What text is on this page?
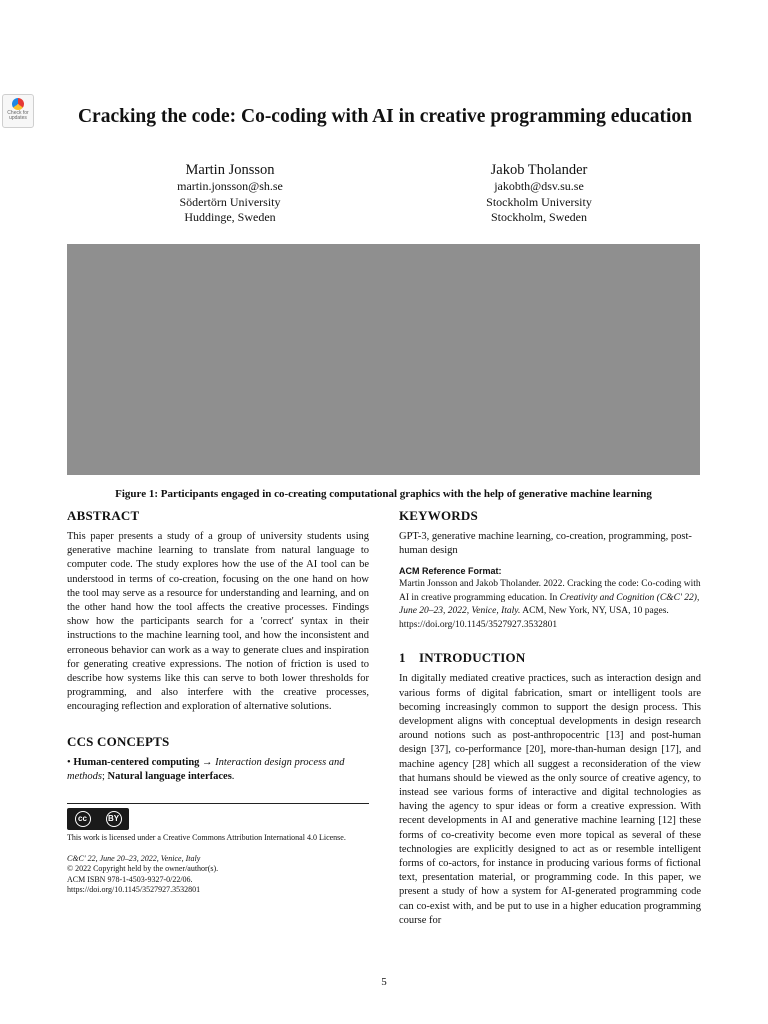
Check for updates	Cracking the code: Co-coding with AI in creative programming education
Martin Jonsson
martin.jonsson@sh.se
Södertörn University
Huddinge, Sweden
Jakob Tholander
jakobth@dsv.su.se
Stockholm University
Stockholm, Sweden
Figure 1: Participants engaged in co-creating computational graphics with the help of generative machine learning
ABSTRACT

This paper presents a study of a group of university students using generative machine learning to translate from natural language to computer code. The study explores how the use of the AI tool can be understood in terms of co-creation, focusing on the one hand on how the tool may serve as a resource for understanding and learning, and on the other hand how the tool affects the creative processes. Findings show how the participants search for a 'correct' syntax in their instructions to the machine learning tool, and how the inconsistent and erroneous behavior can work as a way to generate clues and inspiration for generating creative expressions. The notion of friction is used to describe how systems like this can serve to both lower thresholds for programming, and also interfere with the creative processes, encouraging reflection and exploration of alternative solutions.

CCS CONCEPTS

• Human-centered computing → Interaction design process and methods; Natural language interfaces.

cc	BY

This work is licensed under a Creative Commons Attribution International 4.0 License.

C&C' 22, June 20–23, 2022, Venice, Italy

© 2022 Copyright held by the owner/author(s).

ACM ISBN 978-1-4503-9327-0/22/06.

https://doi.org/10.1145/3527927.3532801

KEYWORDS

GPT-3, generative machine learning, co-creation, programming, post-human design

ACM Reference Format:

Martin Jonsson and Jakob Tholander. 2022. Cracking the code: Co-coding with AI in creative programming education. In Creativity and Cognition (C&C' 22), June 20–23, 2022, Venice, Italy. ACM, New York, NY, USA, 10 pages. https://doi.org/10.1145/3527927.3532801

1 INTRODUCTION

In digitally mediated creative practices, such as interaction design and various forms of digital fabrication, smart or intelligent tools are becoming increasingly common to support the design process. This development aligns with conceptual developments in design research around notions such as post-anthropocentric [13] and post-human design [37], co-performance [20], more-than-human design [17], and machine agency [28] which all suggest a reconsideration of the view that humans should be viewed as the only source of creative agency, to instead see various forms of interactive and digital technologies as having the agency to spur ideas or form a creative expression. With recent developments in AI and generative machine learning [12] these forms of co-creativity become even more topical as several of these technologies are explicitly designed to act as or resemble intelligent forms of co-actors, for instance in producing various forms of fictional text, presentation material, or programming code. In this paper, we present a study of how a system for AI-generated programming code can co-exist with, and be put to use in a higher education programming course for

5
